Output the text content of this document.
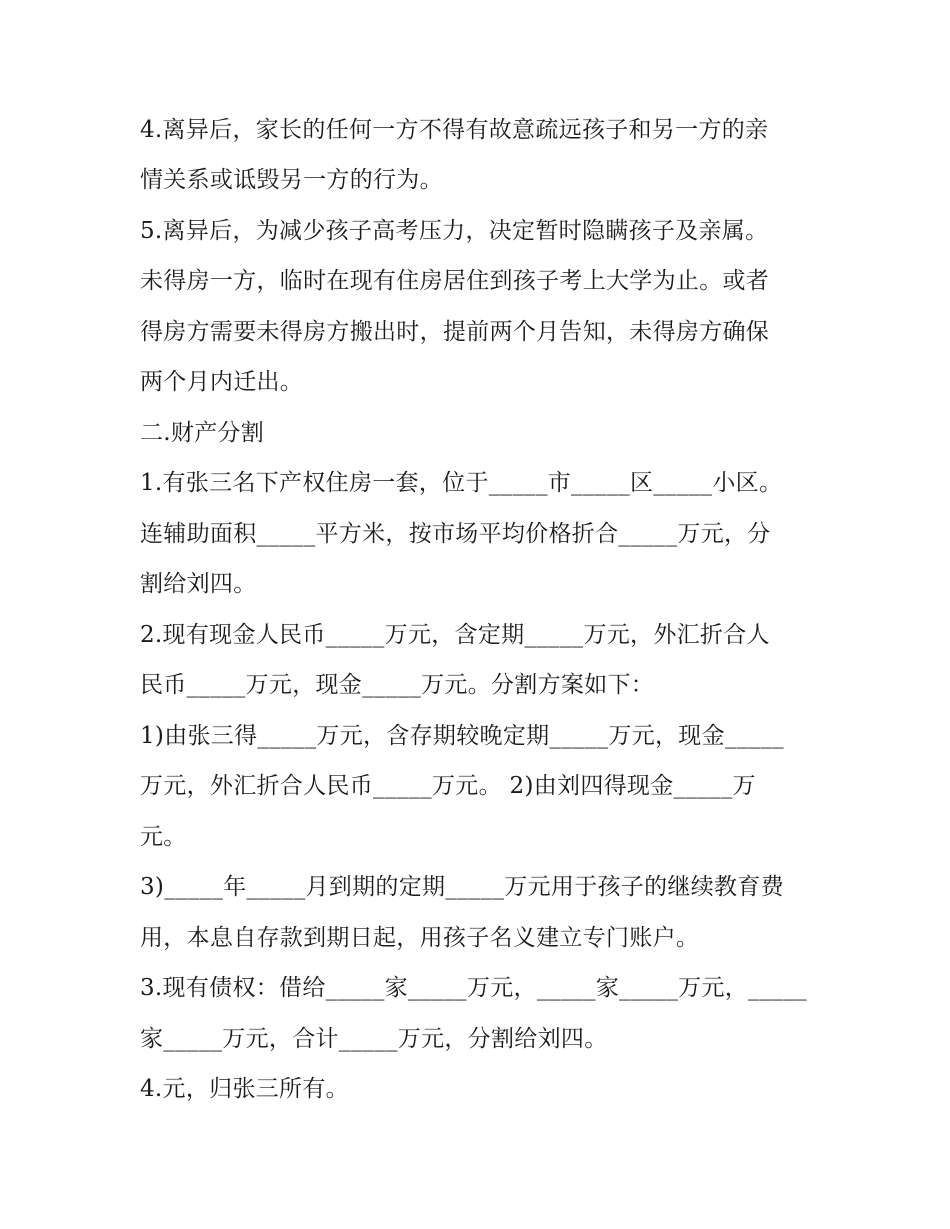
4.离异后，家长的任何一方不得有故意疏远孩子和另一方的亲
情关系或诋毁另一方的行为。
5.离异后，为减少孩子高考压力，决定暂时隐瞒孩子及亲属。
未得房一方，临时在现有住房居住到孩子考上大学为止。或者
得房方需要未得房方搬出时，提前两个月告知，未得房方确保
两个月内迁出。
二.财产分割
1.有张三名下产权住房一套，位于_____市_____区_____小区。
连辅助面积_____平方米，按市场平均价格折合_____万元，分
割给刘四。
2.现有现金人民币_____万元，含定期_____万元，外汇折合人
民币_____万元，现金_____万元。分割方案如下：
1)由张三得_____万元，含存期较晚定期_____万元，现金_____
万元，外汇折合人民币_____万元。 2)由刘四得现金_____万
元。
3)_____年_____月到期的定期_____万元用于孩子的继续教育费
用，本息自存款到期日起，用孩子名义建立专门账户。
3.现有债权：借给_____家_____万元，_____家_____万元，_____
家_____万元，合计_____万元，分割给刘四。
4.元，归张三所有。
